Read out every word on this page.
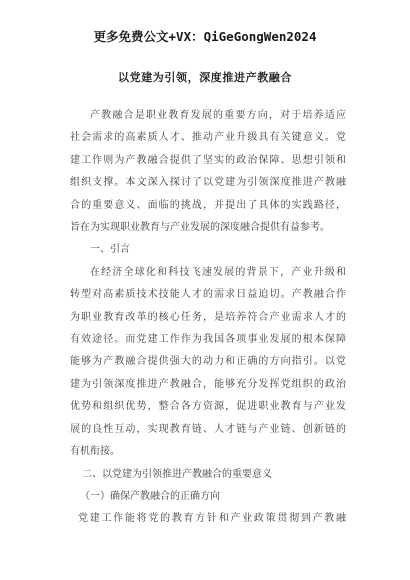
更多免费公文+VX：QiGeGongWen2024
以党建为引领，深度推进产教融合
产教融合是职业教育发展的重要方向，对于培养适应
社会需求的高素质人才、推动产业升级具有关键意义。党
建工作则为产教融合提供了坚实的政治保障、思想引领和
组织支撑。本文深入探讨了以党建为引领深度推进产教融
合的重要意义、面临的挑战，并提出了具体的实践路径，
旨在为实现职业教育与产业发展的深度融合提供有益参考。
一、引言
在经济全球化和科技飞速发展的背景下，产业升级和
转型对高素质技术技能人才的需求日益迫切。产教融合作
为职业教育改革的核心任务，是培养符合产业需求人才的
有效途径。而党建工作作为我国各项事业发展的根本保障
能够为产教融合提供强大的动力和正确的方向指引。以党
建为引领深度推进产教融合，能够充分发挥党组织的政治
优势和组织优势，整合各方资源，促进职业教育与产业发
展的良性互动，实现教育链、人才链与产业链、创新链的
有机衔接。
二、以党建为引领推进产教融合的重要意义
（一）确保产教融合的正确方向
党建工作能将党的教育方针和产业政策贯彻到产教融
